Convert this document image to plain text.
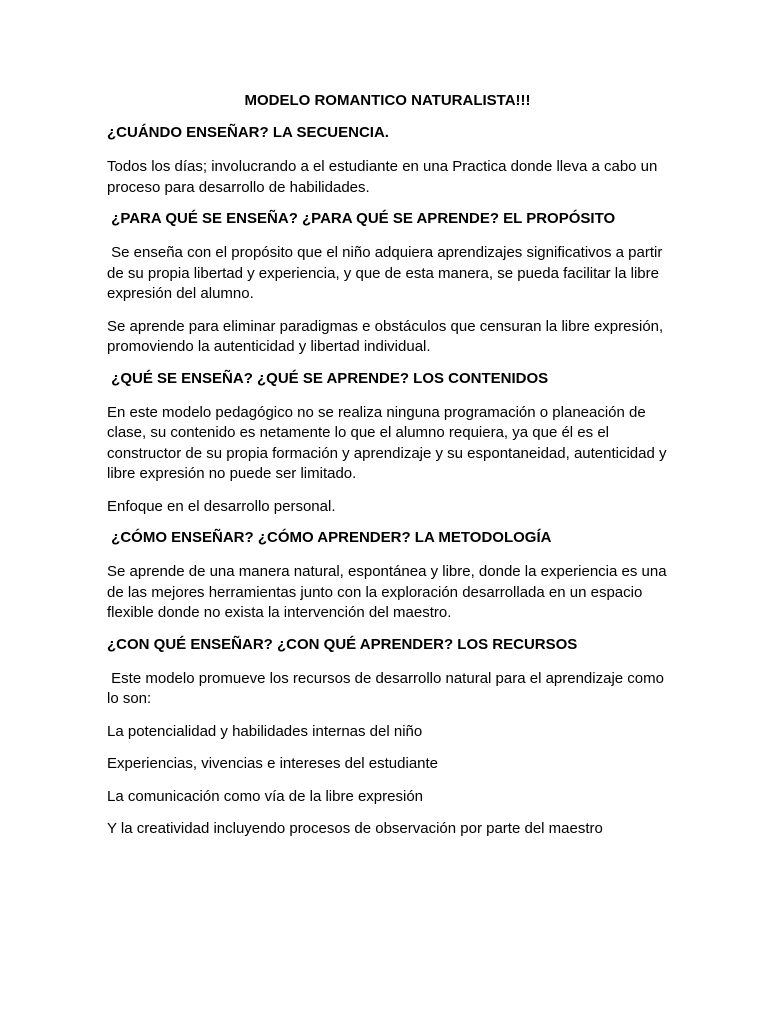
MODELO ROMANTICO NATURALISTA!!!
¿CUÁNDO ENSEÑAR? LA SECUENCIA.
Todos los días; involucrando a el estudiante en una Practica donde lleva a cabo un proceso para desarrollo de habilidades.
¿PARA QUÉ SE ENSEÑA? ¿PARA QUÉ SE APRENDE? EL PROPÓSITO
Se enseña con el propósito que el niño adquiera aprendizajes significativos a partir de su propia libertad y experiencia, y que de esta manera, se pueda facilitar la libre expresión del alumno.
Se aprende para eliminar paradigmas e obstáculos que censuran la libre expresión, promoviendo la autenticidad y libertad individual.
¿QUÉ SE ENSEÑA? ¿QUÉ SE APRENDE? LOS CONTENIDOS
En este modelo pedagógico no se realiza ninguna programación o planeación de clase, su contenido es netamente lo que el alumno requiera, ya que él es el constructor de su propia formación y aprendizaje y su espontaneidad, autenticidad y libre expresión no puede ser limitado.
Enfoque en el desarrollo personal.
¿CÓMO ENSEÑAR? ¿CÓMO APRENDER? LA METODOLOGÍA
Se aprende de una manera natural, espontánea y libre, donde la experiencia es una de las mejores herramientas junto con la exploración desarrollada en un espacio flexible donde no exista la intervención del maestro.
¿CON QUÉ ENSEÑAR? ¿CON QUÉ APRENDER? LOS RECURSOS
Este modelo promueve los recursos de desarrollo natural para el aprendizaje como lo son:
La potencialidad y habilidades internas del niño
Experiencias, vivencias e intereses del estudiante
La comunicación como vía de la libre expresión
Y la creatividad incluyendo procesos de observación por parte del maestro
